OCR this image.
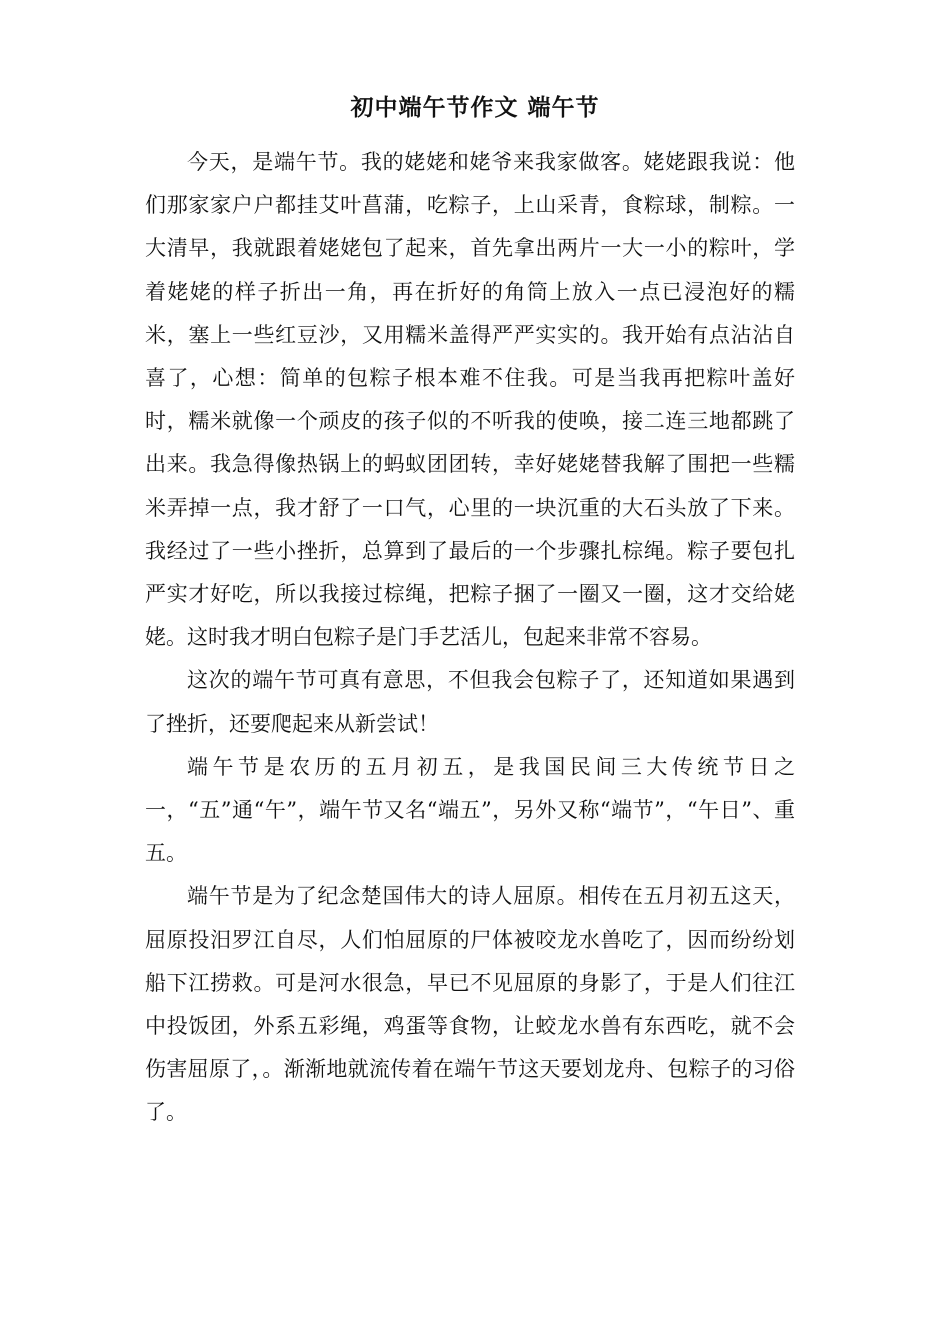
初中端午节作文 端午节

今天，是端午节。我的姥姥和姥爷来我家做客。姥姥跟我说：他们那家家户户都挂艾叶菖蒲，吃粽子，上山采青，食粽球，制粽。一大清早，我就跟着姥姥包了起来，首先拿出两片一大一小的粽叶，学着姥姥的样子折出一角，再在折好的角筒上放入一点已浸泡好的糯米，塞上一些红豆沙，又用糯米盖得严严实实的。我开始有点沾沾自喜了，心想：简单的包粽子根本难不住我。可是当我再把粽叶盖好时，糯米就像一个顽皮的孩子似的不听我的使唤，接二连三地都跳了出来。我急得像热锅上的蚂蚁团团转，幸好姥姥替我解了围把一些糯米弄掉一点，我才舒了一口气，心里的一块沉重的大石头放了下来。我经过了一些小挫折，总算到了最后的一个步骤扎棕绳。粽子要包扎严实才好吃，所以我接过棕绳，把粽子捆了一圈又一圈，这才交给姥姥。这时我才明白包粽子是门手艺活儿，包起来非常不容易。

这次的端午节可真有意思，不但我会包粽子了，还知道如果遇到了挫折，还要爬起来从新尝试！

端午节是农历的五月初五，是我国民间三大传统节日之一，“五”通“午”，端午节又名“端五”，另外又称“端节”，“午日”、重五。

端午节是为了纪念楚国伟大的诗人屈原。相传在五月初五这天，屈原投汨罗江自尽，人们怕屈原的尸体被咬龙水兽吃了，因而纷纷划船下江捞救。可是河水很急，早已不见屈原的身影了，于是人们往江中投饭团，外系五彩绳，鸡蛋等食物，让蛟龙水兽有东西吃，就不会伤害屈原了，。渐渐地就流传着在端午节这天要划龙舟、包粽子的习俗了。
